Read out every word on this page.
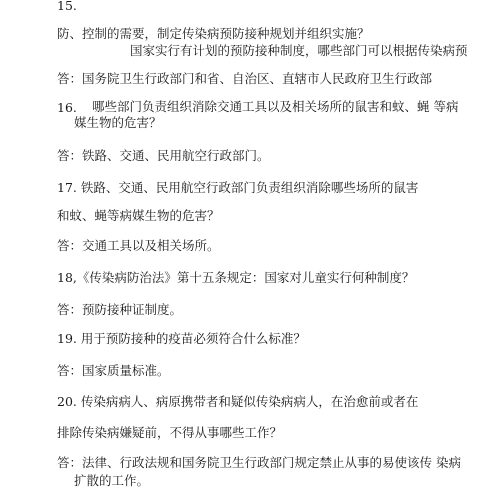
15.
防、控制的需要，制定传染病预防接种规划并组织实施？
国家实行有计划的预防接种制度，哪些部门可以根据传染病预
答：国务院卫生行政部门和省、自治区、直辖市人民政府卫生行政部
16. 哪些部门负责组织消除交通工具以及相关场所的鼠害和蚊、蝇 等病
媒生物的危害？
答：铁路、交通、民用航空行政部门。
17. 铁路、交通、民用航空行政部门负责组织消除哪些场所的鼠害
和蚊、蝇等病媒生物的危害？
答：交通工具以及相关场所。
18,《传染病防治法》第十五条规定：国家对儿童实行何种制度？
答：预防接种证制度。
19. 用于预防接种的疫苗必须符合什么标准？
答：国家质量标准。
20. 传染病病人、病原携带者和疑似传染病病人，在治愈前或者在
排除传染病嫌疑前，不得从事哪些工作？
答：法律、行政法规和国务院卫生行政部门规定禁止从事的易使该传 染病
扩散的工作。
